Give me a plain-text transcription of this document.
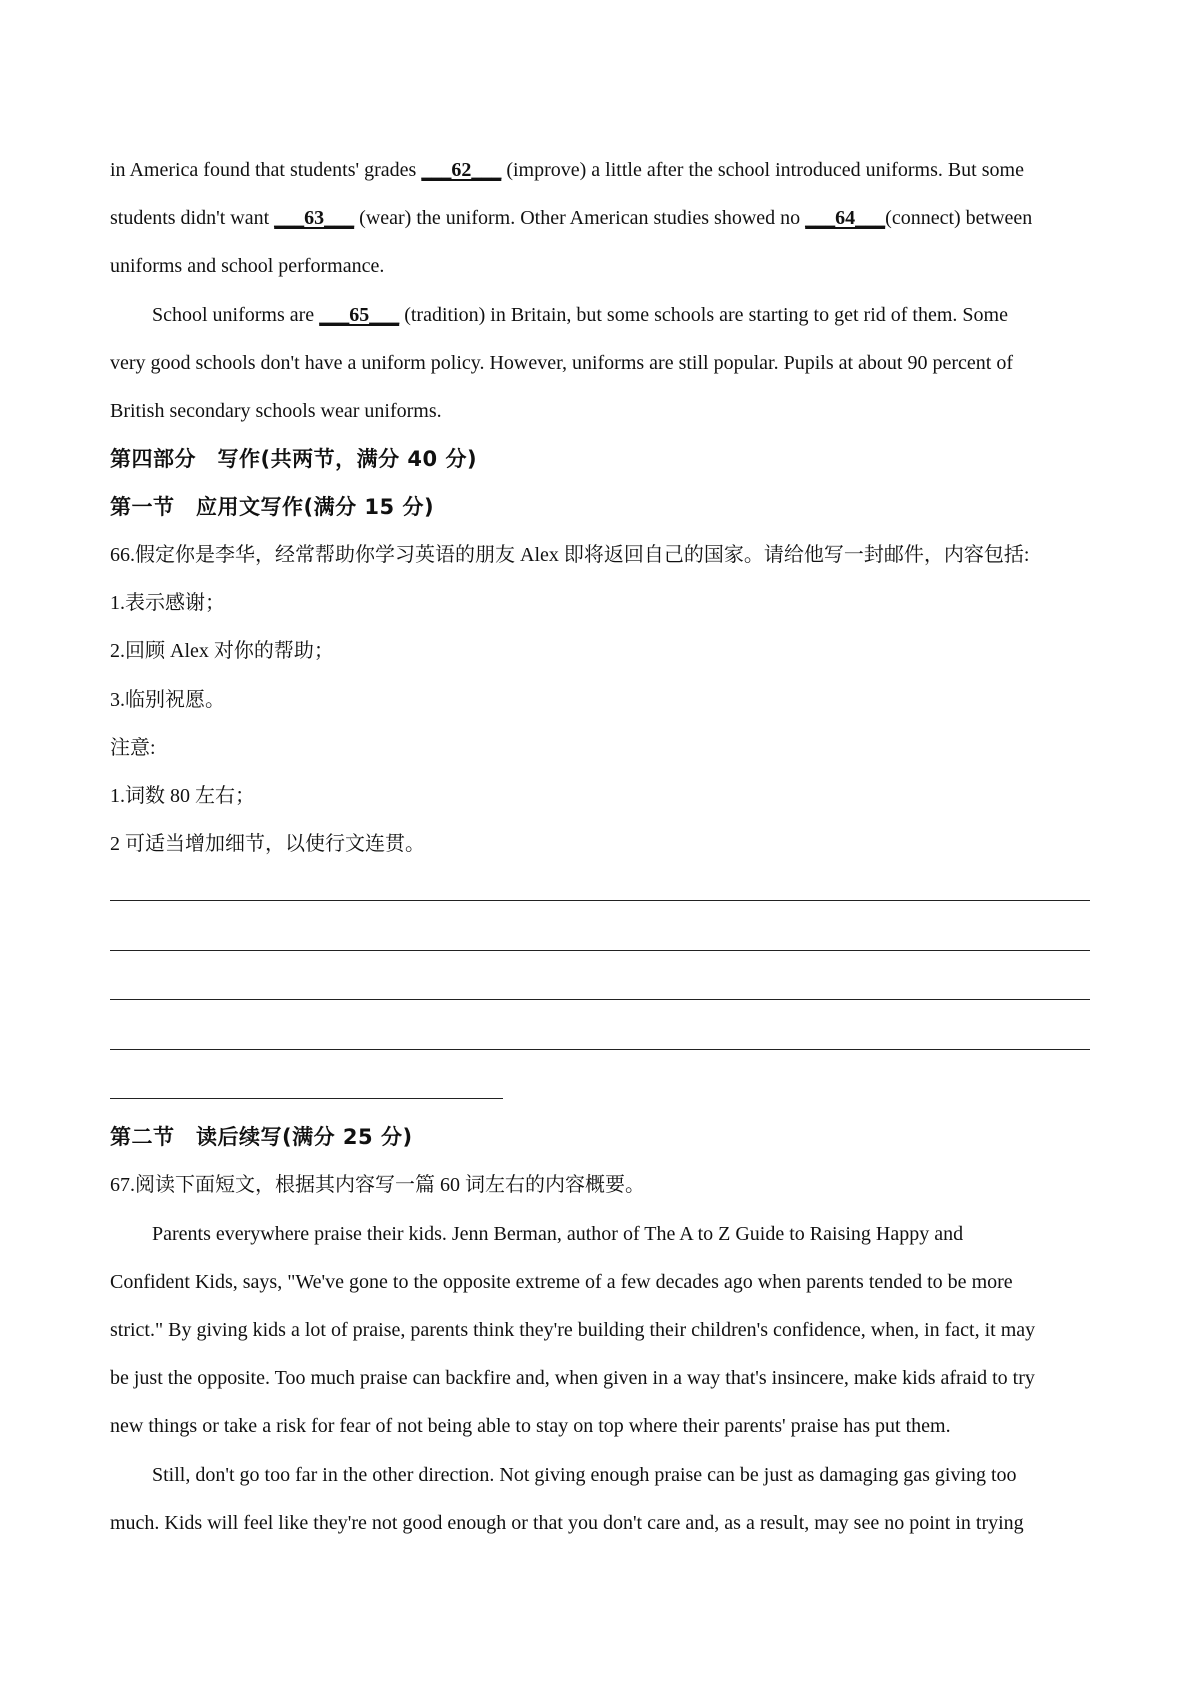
in America found that students' grades ___62___ (improve) a little after the school introduced uniforms. But some
students didn't want ___63___ (wear) the uniform. Other American studies showed no ___64___(connect) between
uniforms and school performance.
School uniforms are ___65___ (tradition) in Britain, but some schools are starting to get rid of them. Some
very good schools don't have a uniform policy. However, uniforms are still popular. Pupils at about 90 percent of
British secondary schools wear uniforms.
第四部分　写作(共两节，满分 40 分)
第一节　应用文写作(满分 15 分)
66.假定你是李华，经常帮助你学习英语的朋友 Alex 即将返回自己的国家。请给他写一封邮件，内容包括:
1.表示感谢；
2.回顾 Alex 对你的帮助；
3.临别祝愿。
注意:
1.词数 80 左右；
2 可适当增加细节，以使行文连贯。
第二节　读后续写(满分 25 分)
67.阅读下面短文，根据其内容写一篇 60 词左右的内容概要。
Parents everywhere praise their kids. Jenn Berman, author of The A to Z Guide to Raising Happy and
Confident Kids, says, "We've gone to the opposite extreme of a few decades ago when parents tended to be more
strict." By giving kids a lot of praise, parents think they're building their children's confidence, when, in fact, it may
be just the opposite. Too much praise can backfire and, when given in a way that's insincere, make kids afraid to try
new things or take a risk for fear of not being able to stay on top where their parents' praise has put them.
Still, don't go too far in the other direction. Not giving enough praise can be just as damaging gas giving too
much. Kids will feel like they're not good enough or that you don't care and, as a result, may see no point in trying
